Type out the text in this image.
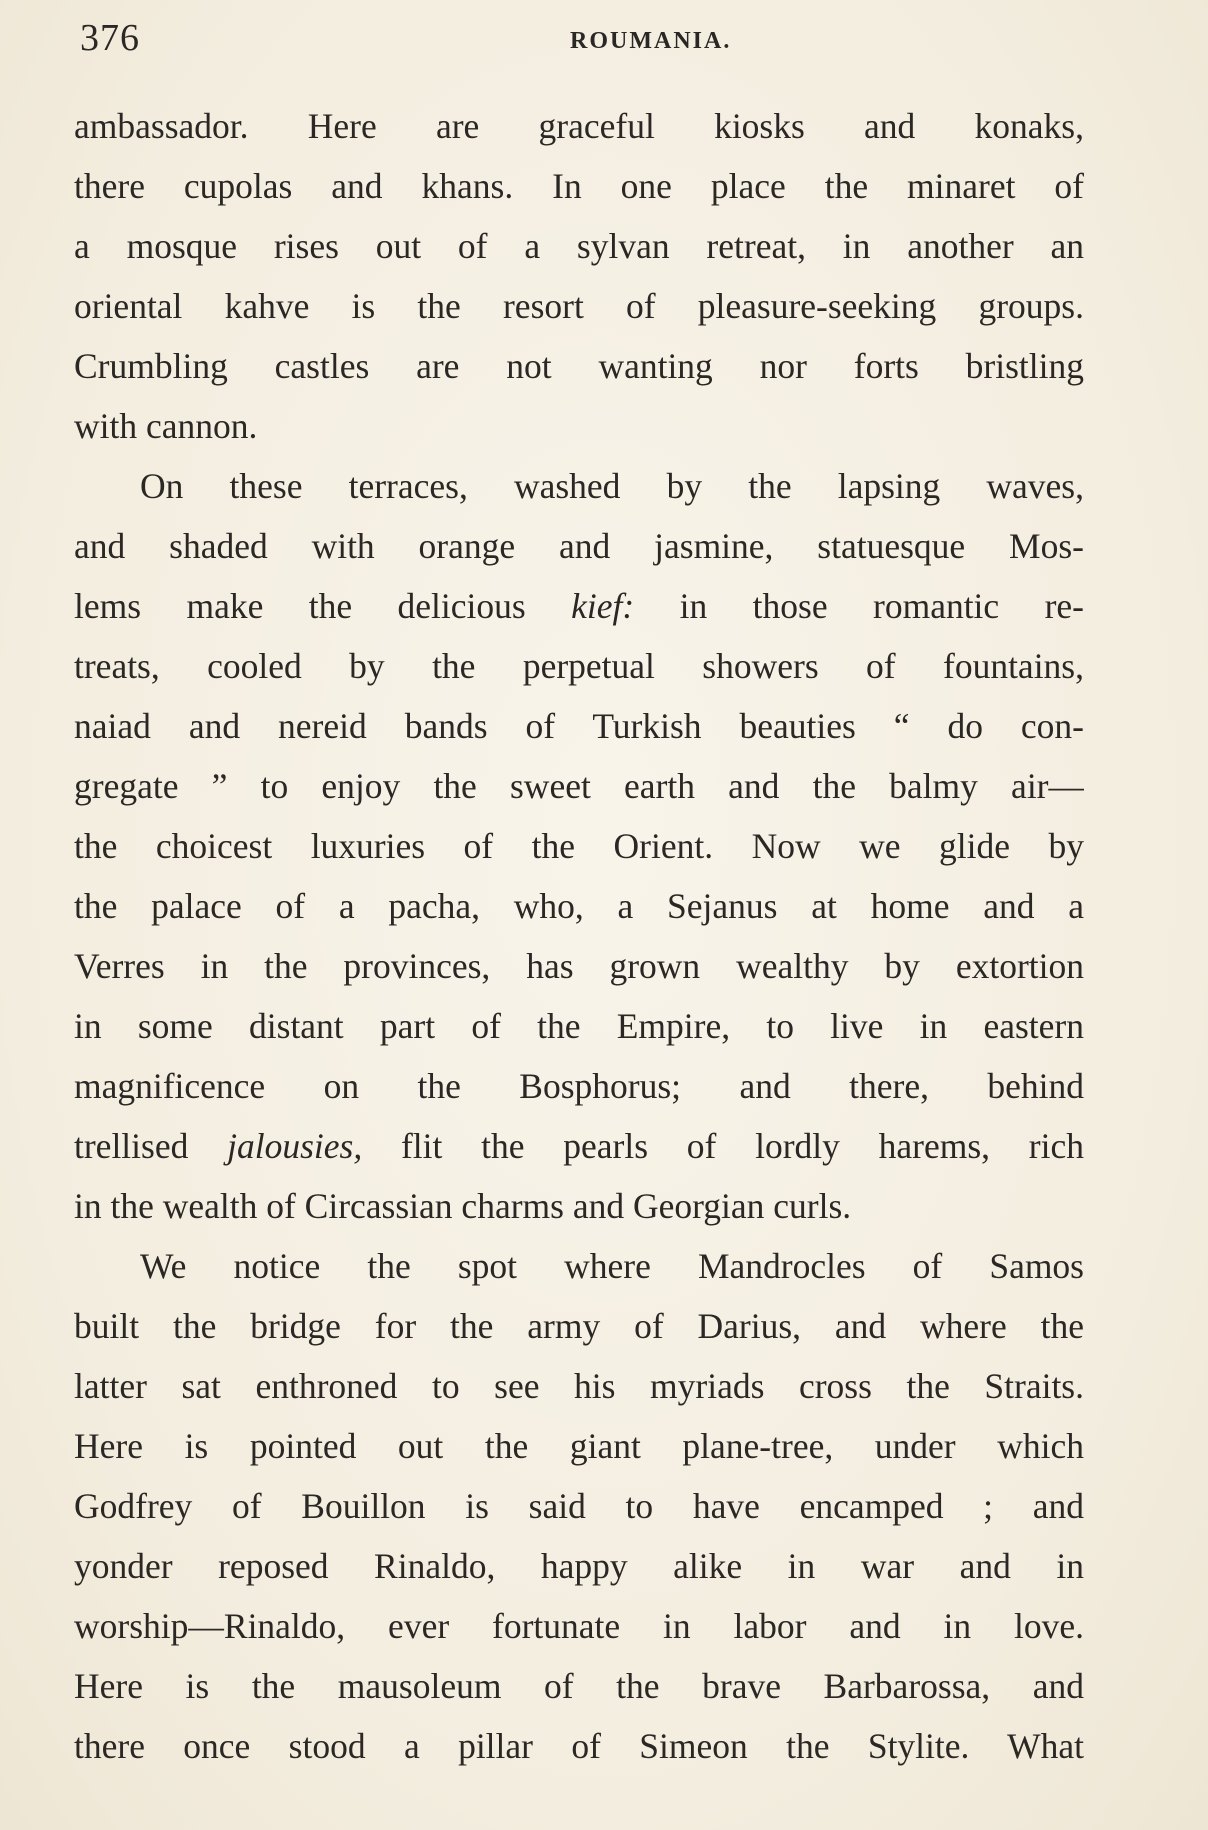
376	ROUMANIA.
ambassador. Here are graceful kiosks and konaks,
there cupolas and khans. In one place the minaret of
a mosque rises out of a sylvan retreat, in another an
oriental kahve is the resort of pleasure-seeking groups.
Crumbling castles are not wanting nor forts bristling
with cannon.
On these terraces, washed by the lapsing waves,
and shaded with orange and jasmine, statuesque Mos-
lems make the delicious kief: in those romantic re-
treats, cooled by the perpetual showers of fountains,
naiad and nereid bands of Turkish beauties “ do con-
gregate ” to enjoy the sweet earth and the balmy air—
the choicest luxuries of the Orient. Now we glide by
the palace of a pacha, who, a Sejanus at home and a
Verres in the provinces, has grown wealthy by extortion
in some distant part of the Empire, to live in eastern
magnificence on the Bosphorus; and there, behind
trellised jalousies, flit the pearls of lordly harems, rich
in the wealth of Circassian charms and Georgian curls.
We notice the spot where Mandrocles of Samos
built the bridge for the army of Darius, and where the
latter sat enthroned to see his myriads cross the Straits.
Here is pointed out the giant plane-tree, under which
Godfrey of Bouillon is said to have encamped ; and
yonder reposed Rinaldo, happy alike in war and in
worship—Rinaldo, ever fortunate in labor and in love.
Here is the mausoleum of the brave Barbarossa, and
there once stood a pillar of Simeon the Stylite. What
